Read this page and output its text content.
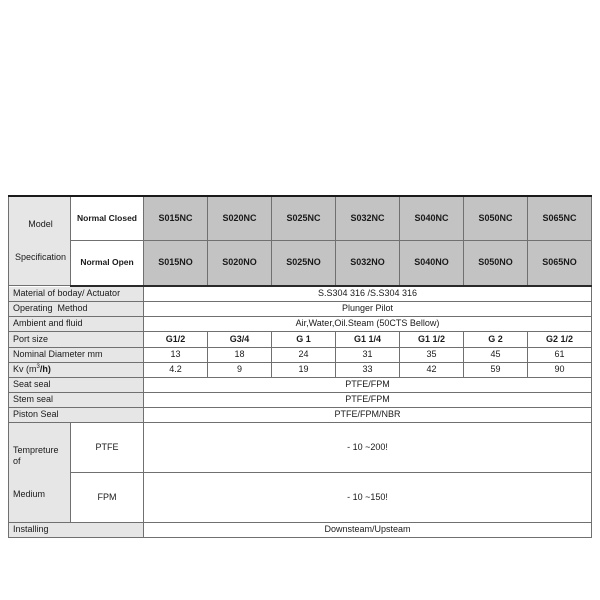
Model

Specification	Normal Closed	S015NC	S020NC	S025NC	S032NC	S040NC	S050NC	S065NC
	Normal Open	S015NO	S020NO	S025NO	S032NO	S040NO	S050NO	S065NO
Material of boday/ Actuator		S.S304 316 /S.S304 316						
Operating  Method		Plunger Pilot						
Ambient and fluid		Air,Water,Oil.Steam (50CTS Bellow)						
Port size		G1/2	G3/4	G 1	G1 1/4	G1 1/2	G 2	G2 1/2
Nominal Diameter mm		13	18	24	31	35	45	61
Kv $(m^3/h)$		4.2	9	19	33	42	59	90
Seat seal		PTFE/FPM						
Stem seal		PTFE/FPM						
Piston Seal		PTFE/FPM/NBR						

Tempreture of

Medium	PTFE	- 10 ~200!						
	FPM	- 10 ~150!						
Installing		Downsteam/Upsteam						
